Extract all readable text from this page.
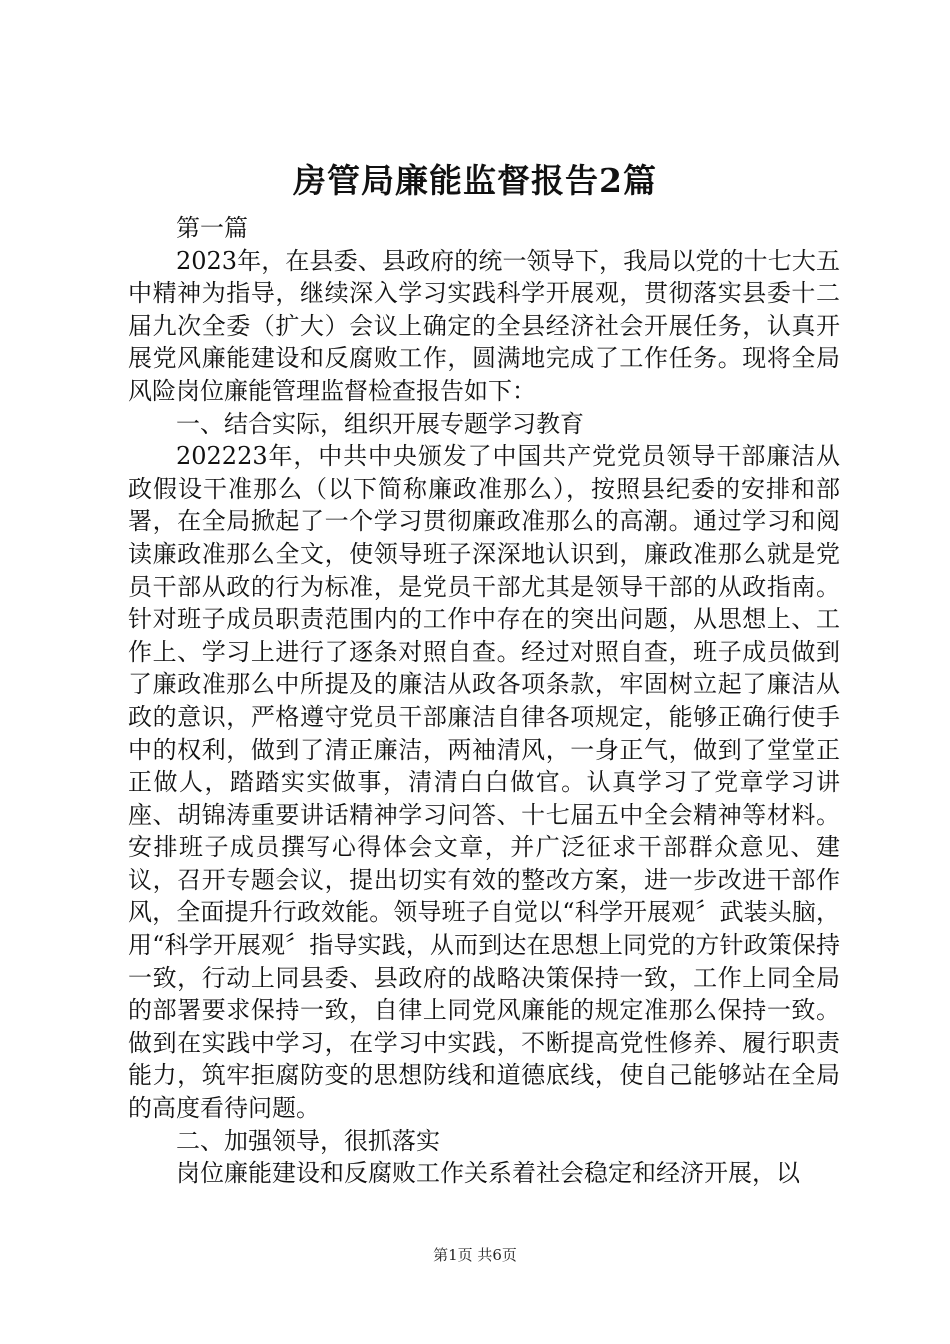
房管局廉能监督报告2篇

第一篇

2023年，在县委、县政府的统一领导下，我局以党的十七大五中精神为指导，继续深入学习实践科学开展观，贯彻落实县委十二届九次全委（扩大）会议上确定的全县经济社会开展任务，认真开展党风廉能建设和反腐败工作，圆满地完成了工作任务。现将全局风险岗位廉能管理监督检查报告如下：

一、结合实际，组织开展专题学习教育

202223年，中共中央颁发了中国共产党党员领导干部廉洁从政假设干准那么（以下简称廉政准那么），按照县纪委的安排和部署，在全局掀起了一个学习贯彻廉政准那么的高潮。通过学习和阅读廉政准那么全文，使领导班子深深地认识到，廉政准那么就是党员干部从政的行为标准，是党员干部尤其是领导干部的从政指南。针对班子成员职责范围内的工作中存在的突出问题，从思想上、工作上、学习上进行了逐条对照自查。经过对照自查，班子成员做到了廉政准那么中所提及的廉洁从政各项条款，牢固树立起了廉洁从政的意识，严格遵守党员干部廉洁自律各项规定，能够正确行使手中的权利，做到了清正廉洁，两袖清风，一身正气，做到了堂堂正正做人，踏踏实实做事，清清白白做官。认真学习了党章学习讲座、胡锦涛重要讲话精神学习问答、十七届五中全会精神等材料。安排班子成员撰写心得体会文章，并广泛征求干部群众意见、建议，召开专题会议，提出切实有效的整改方案，进一步改进干部作风，全面提升行政效能。领导班子自觉以“科学开展观〞武装头脑，用“科学开展观〞指导实践，从而到达在思想上同党的方针政策保持一致，行动上同县委、县政府的战略决策保持一致，工作上同全局的部署要求保持一致，自律上同党风廉能的规定准那么保持一致。做到在实践中学习，在学习中实践，不断提高党性修养、履行职责能力，筑牢拒腐防变的思想防线和道德底线，使自己能够站在全局的高度看待问题。

二、加强领导，很抓落实

岗位廉能建设和反腐败工作关系着社会稳定和经济开展，以

第1页 共6页
